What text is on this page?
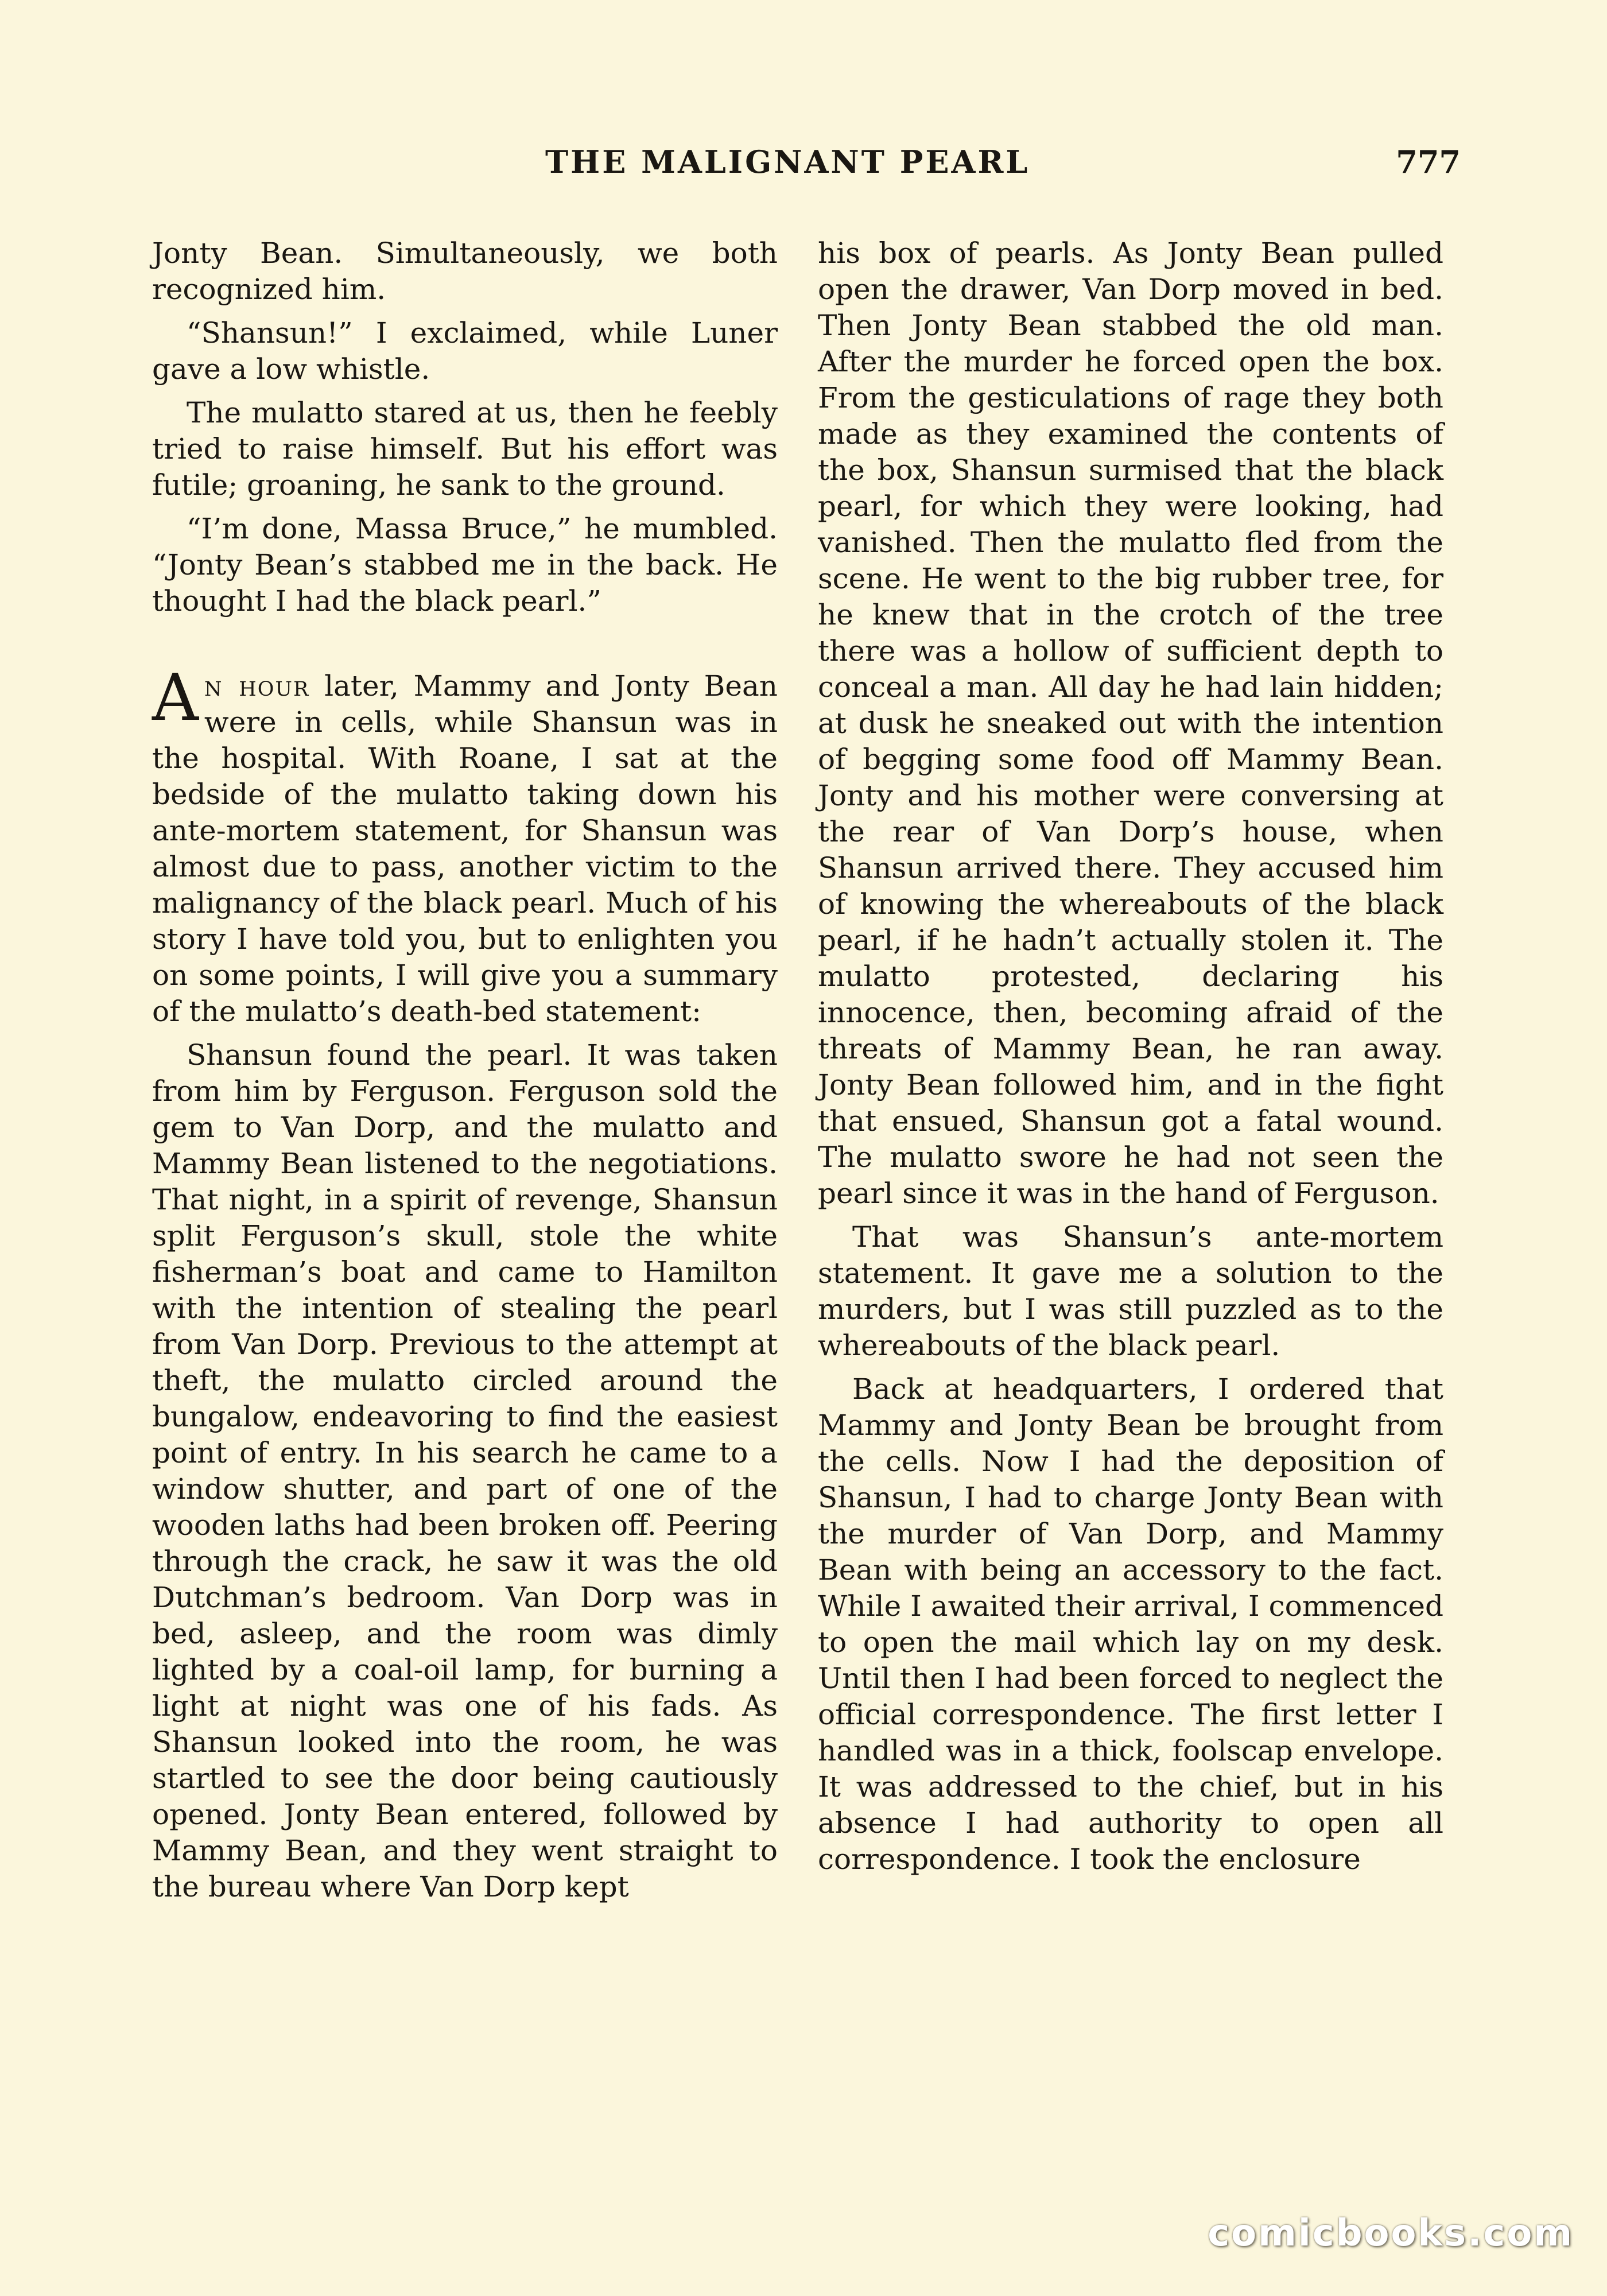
THE MALIGNANT PEARL	777

Jonty Bean. Simultaneously, we both recognized him.

“Shansun!” I exclaimed, while Luner gave a low whistle.

The mulatto stared at us, then he feebly tried to raise himself. But his effort was futile; groaning, he sank to the ground.

“I’m done, Massa Bruce,” he mumbled. “Jonty Bean’s stabbed me in the back. He thought I had the black pearl.”

An hour later, Mammy and Jonty Bean were in cells, while Shansun was in the hospital. With Roane, I sat at the bedside of the mulatto taking down his ante-mortem statement, for Shansun was almost due to pass, another victim to the malignancy of the black pearl. Much of his story I have told you, but to enlighten you on some points, I will give you a summary of the mulatto’s death-bed statement:

Shansun found the pearl. It was taken from him by Ferguson. Ferguson sold the gem to Van Dorp, and the mulatto and Mammy Bean listened to the negotiations. That night, in a spirit of revenge, Shansun split Ferguson’s skull, stole the white fisherman’s boat and came to Hamilton with the intention of stealing the pearl from Van Dorp. Previous to the attempt at theft, the mulatto circled around the bungalow, endeavoring to find the easiest point of entry. In his search he came to a window shutter, and part of one of the wooden laths had been broken off. Peering through the crack, he saw it was the old Dutchman’s bedroom. Van Dorp was in bed, asleep, and the room was dimly lighted by a coal-oil lamp, for burning a light at night was one of his fads. As Shansun looked into the room, he was startled to see the door being cautiously opened. Jonty Bean entered, followed by Mammy Bean, and they went straight to the bureau where Van Dorp kept

his box of pearls. As Jonty Bean pulled open the drawer, Van Dorp moved in bed. Then Jonty Bean stabbed the old man. After the murder he forced open the box. From the gesticulations of rage they both made as they examined the contents of the box, Shansun surmised that the black pearl, for which they were looking, had vanished. Then the mulatto fled from the scene. He went to the big rubber tree, for he knew that in the crotch of the tree there was a hollow of sufficient depth to conceal a man. All day he had lain hidden; at dusk he sneaked out with the intention of begging some food off Mammy Bean. Jonty and his mother were conversing at the rear of Van Dorp’s house, when Shansun arrived there. They accused him of knowing the whereabouts of the black pearl, if he hadn’t actually stolen it. The mulatto protested, declaring his innocence, then, becoming afraid of the threats of Mammy Bean, he ran away. Jonty Bean followed him, and in the fight that ensued, Shansun got a fatal wound. The mulatto swore he had not seen the pearl since it was in the hand of Ferguson.

That was Shansun’s ante-mortem statement. It gave me a solution to the murders, but I was still puzzled as to the whereabouts of the black pearl.

Back at headquarters, I ordered that Mammy and Jonty Bean be brought from the cells. Now I had the deposition of Shansun, I had to charge Jonty Bean with the murder of Van Dorp, and Mammy Bean with being an accessory to the fact. While I awaited their arrival, I commenced to open the mail which lay on my desk. Until then I had been forced to neglect the official correspondence. The first letter I handled was in a thick, foolscap envelope. It was addressed to the chief, but in his absence I had authority to open all correspondence. I took the enclosure

comicbooks.com
